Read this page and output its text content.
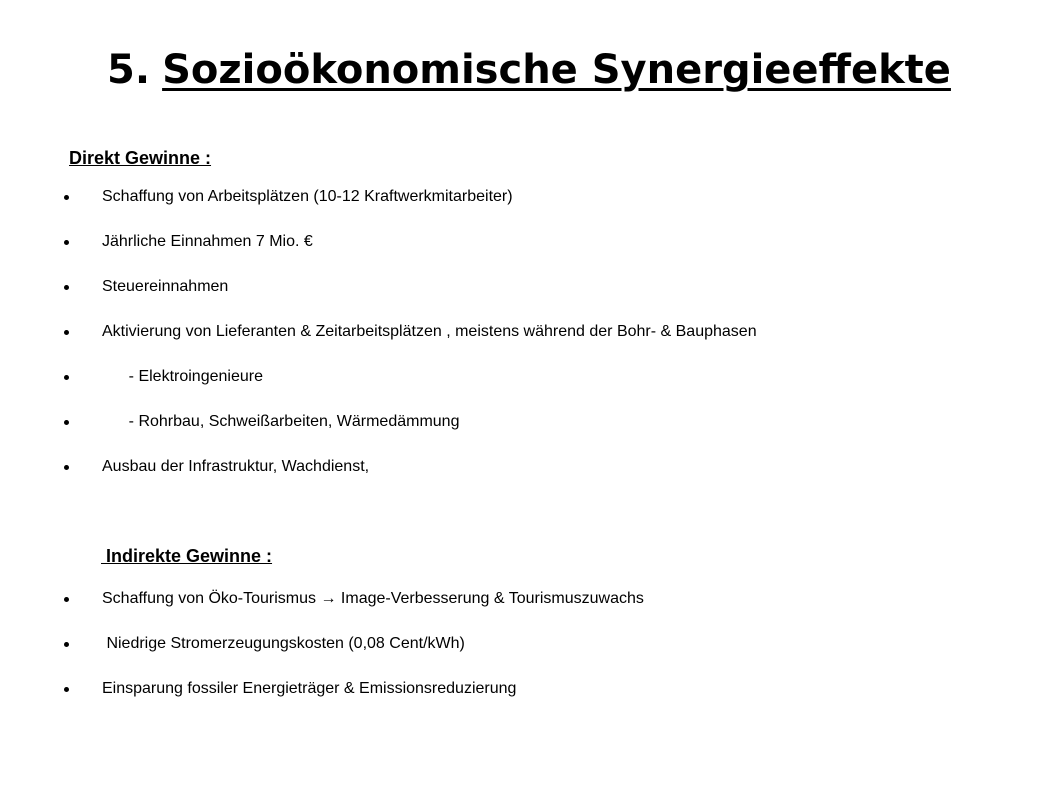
5. Sozioökonomische Synergieeffekte
Direkt Gewinne :

Schaffung von Arbeitsplätzen (10-12 Kraftwerkmitarbeiter)

Jährliche Einnahmen 7 Mio. €

Steuereinnahmen

Aktivierung von Lieferanten & Zeitarbeitsplätzen , meistens während der Bohr- & Bauphasen

- Elektroingenieure

- Rohrbau, Schweißarbeiten, Wärmedämmung

Ausbau der Infrastruktur, Wachdienst,

Indirekte Gewinne :

Schaffung von Öko-Tourismus → Image-Verbesserung & Tourismuszuwachs

Niedrige Stromerzeugungskosten (0,08 Cent/kWh)

Einsparung fossiler Energieträger & Emissionsreduzierung
